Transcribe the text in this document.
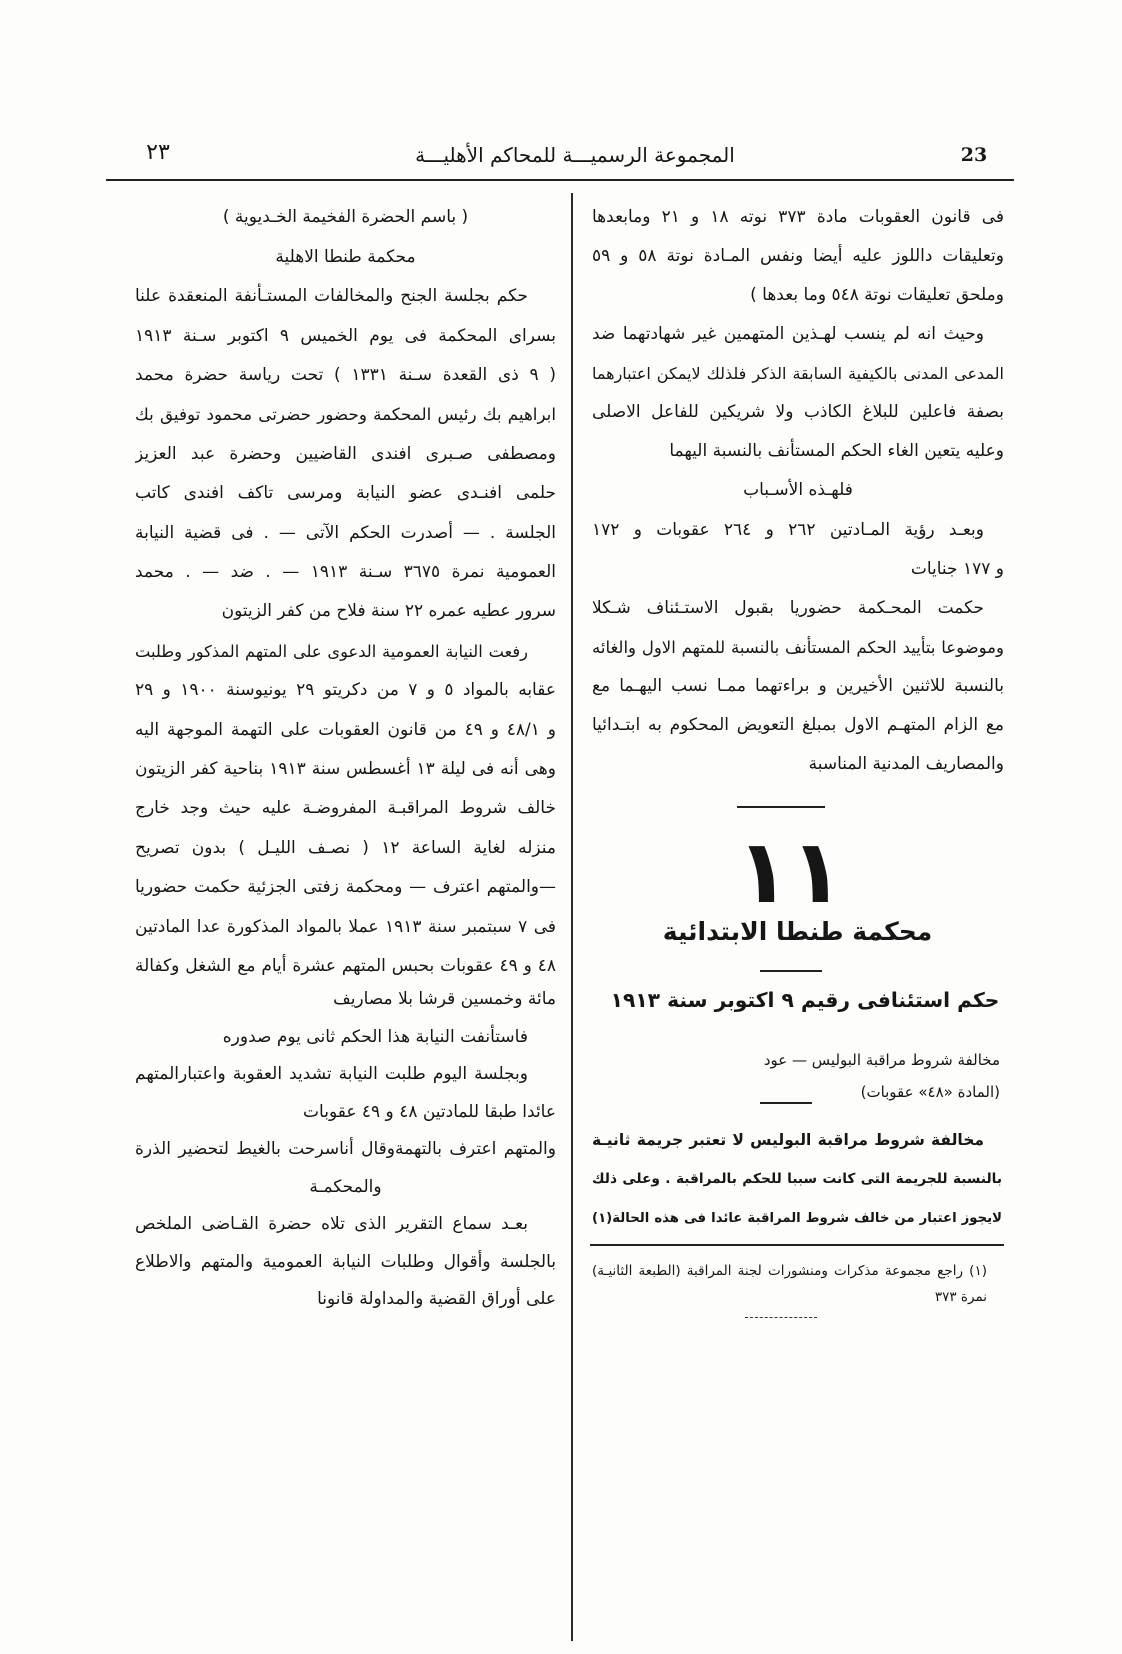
23
المجموعة الرسميـــة للمحاكم الأهليـــة
٢٣
فى قانون العقوبات مادة ٣٧٣ نوته ١٨ و ٢١ ومابعدها
وتعليقات داللوز عليه أيضا ونفس المـادة نوتة ٥٨ و ٥٩
وملحق تعليقات نوتة ٥٤٨ وما بعدها )
وحيث انه لم ينسب لهـذين المتهمين غير شهادتهما ضد
المدعى المدنى بالكيفية السابقة الذكر فلذلك لايمكن اعتبارهما
بصفة فاعلين للبلاغ الكاذب ولا شريكين للفاعل الاصلى
وعليه يتعين الغاء الحكم المستأنف بالنسبة اليهما
فلهـذه الأسـباب
وبعـد رؤية المـادتين ٢٦٢ و ٢٦٤ عقوبات و ١٧٢
و ١٧٧ جنايات
حكمت المحـكمة حضوريا بقبول الاستـئناف شـكلا
وموضوعا بتأييد الحكم المستأنف بالنسبة للمتهم الاول والغائه
بالنسبة للاثنين الأخيرين و براءتهما ممـا نسب اليهـما مع
مع الزام المتهـم الاول بمبلغ التعويض المحكوم به ابتـدائيا
والمصاريف المدنية المناسبة
١١
محكمة طنطا الابتدائية
حكم استئنافى رقيم ٩ اكتوبر سنة ١٩١٣
مخالفة شروط مراقبة البوليس — عود
(المادة «٤٨» عقوبات)
مخالفة شروط مراقبة البوليس لا تعتبر جريمة ثانيـة
بالنسبة للجريمة التى كانت سببا للحكم بالمراقبة . وعلى ذلك
لايجوز اعتبار من خالف شروط المراقبة عائدا فى هذه الحالة(١)
(١) راجع مجموعة مذكرات ومنشورات لجنة المراقبة (الطبعة الثانيـة)
نمرة ٣٧٣
( باسم الحضرة الفخيمة الخـديوية )
محكمة طنطا الاهلية
حكم بجلسة الجنح والمخالفات المستـأنفة المنعقدة علنا
بسراى المحكمة فى يوم الخميس ٩ اكتوبر سـنة ١٩١٣
( ٩ ذى القعدة سـنة ١٣٣١ ) تحت رياسة حضرة محمد
ابراهيم بك رئيس المحكمة وحضور حضرتى محمود توفيق بك
ومصطفى صـبرى افندى القاضيين وحضرة عبد العزيز
حلمى افنـدى عضو النيابة ومرسى تاكف افندى كاتب
الجلسة . — أصدرت الحكم الآتى — . فى قضية النيابة
العمومية نمرة ٣٦٧٥ سـنة ١٩١٣ — . ضد — . محمد
سرور عطيه عمره ٢٢ سنة فلاح من كفر الزيتون
رفعت النيابة العمومية الدعوى على المتهم المذكور وطلبت
عقابه بالمواد ٥ و ٧ من دكريتو ٢٩ يونيوسنة ١٩٠٠ و ٢٩
و ٤٨/١ و ٤٩ من قانون العقوبات على التهمة الموجهة اليه
وهى أنه فى ليلة ١٣ أغسطس سنة ١٩١٣ بناحية كفر الزيتون
خالف شروط المراقبـة المفروضـة عليه حيث وجد خارج
منزله لغاية الساعة ١٢ ( نصـف الليـل ) بدون تصريح
—والمتهم اعترف — ومحكمة زفتى الجزئية حكمت حضوريا
فى ٧ سبتمبر سنة ١٩١٣ عملا بالمواد المذكورة عدا المادتين
٤٨ و ٤٩ عقوبات بحبس المتهم عشرة أيام مع الشغل وكفالة
مائة وخمسين قرشا بلا مصاريف
فاستأنفت النيابة هذا الحكم ثانى يوم صدوره
وبجلسة اليوم طلبت النيابة تشديد العقوبة واعتبارالمتهم
عائدا طبقا للمادتين ٤٨ و ٤٩ عقوبات
والمتهم اعترف بالتهمةوقال أناسرحت بالغيط لتحضير الذرة
والمحكمـة
بعـد سماع التقرير الذى تلاه حضرة القـاضى الملخص
بالجلسة وأقوال وطلبات النيابة العمومية والمتهم والاطلاع
على أوراق القضية والمداولة قانونا
